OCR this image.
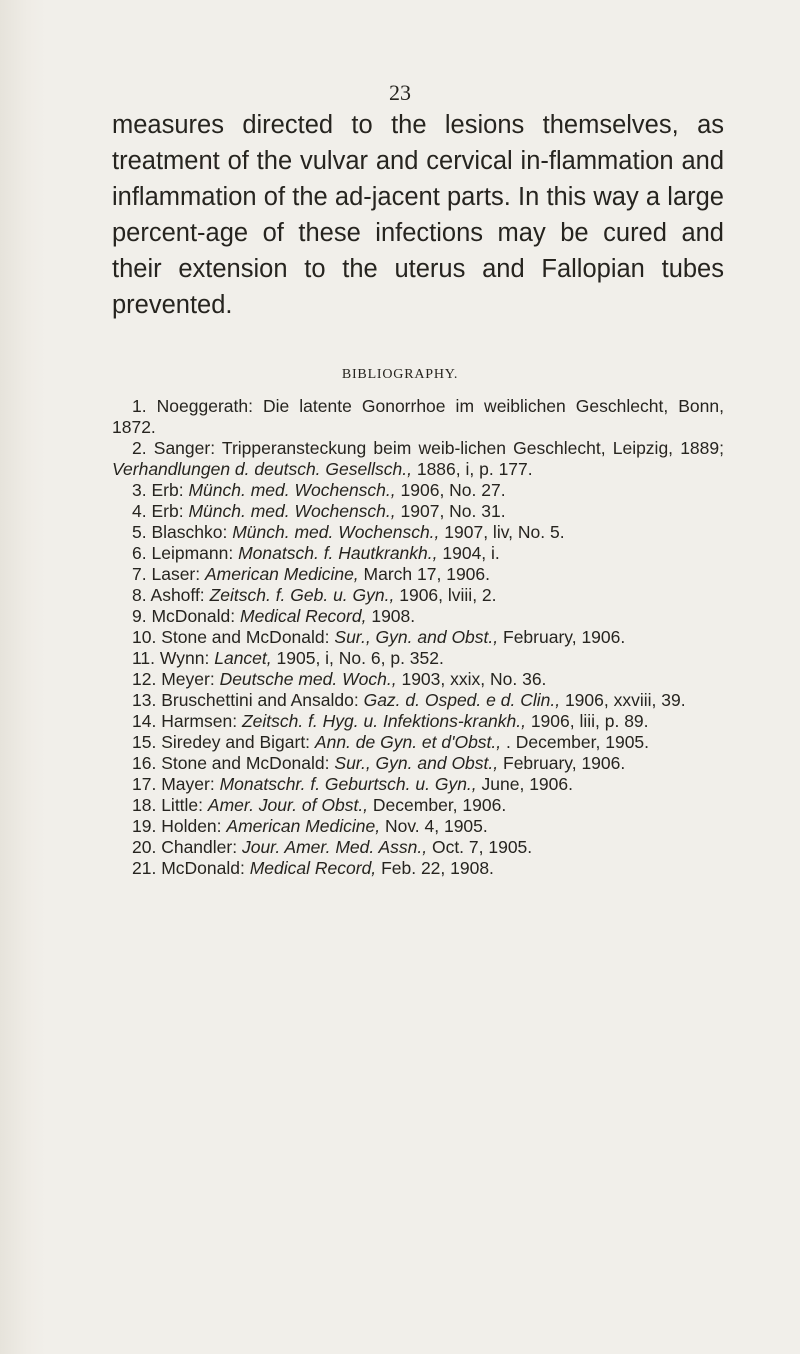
23

measures directed to the lesions themselves, as treatment of the vulvar and cervical in-flammation and inflammation of the ad-jacent parts. In this way a large percent-age of these infections may be cured and their extension to the uterus and Fallopian tubes prevented.

BIBLIOGRAPHY.
1. Noeggerath: Die latente Gonorrhoe im weiblichen Geschlecht, Bonn, 1872.
2. Sanger: Tripperansteckung beim weib-lichen Geschlecht, Leipzig, 1889; Verhandlungen d. deutsch. Gesellsch., 1886, i, p. 177.
3. Erb: Münch. med. Wochensch., 1906, No. 27.
4. Erb: Münch. med. Wochensch., 1907, No. 31.
5. Blaschko: Münch. med. Wochensch., 1907, liv, No. 5.
6. Leipmann: Monatsch. f. Hautkrankh., 1904, i.
7. Laser: American Medicine, March 17, 1906.
8. Ashoff: Zeitsch. f. Geb. u. Gyn., 1906, lviii, 2.
9. McDonald: Medical Record, 1908.
10. Stone and McDonald: Sur., Gyn. and Obst., February, 1906.
11. Wynn: Lancet, 1905, i, No. 6, p. 352.
12. Meyer: Deutsche med. Woch., 1903, xxix, No. 36.
13. Bruschettini and Ansaldo: Gaz. d. Osped. e d. Clin., 1906, xxviii, 39.
14. Harmsen: Zeitsch. f. Hyg. u. Infektions-krankh., 1906, liii, p. 89.
15. Siredey and Bigart: Ann. de Gyn. et d'Obst., . December, 1905.
16. Stone and McDonald: Sur., Gyn. and Obst., February, 1906.
17. Mayer: Monatschr. f. Geburtsch. u. Gyn., June, 1906.
18. Little: Amer. Jour. of Obst., December, 1906.
19. Holden: American Medicine, Nov. 4, 1905.
20. Chandler: Jour. Amer. Med. Assn., Oct. 7, 1905.
21. McDonald: Medical Record, Feb. 22, 1908.
